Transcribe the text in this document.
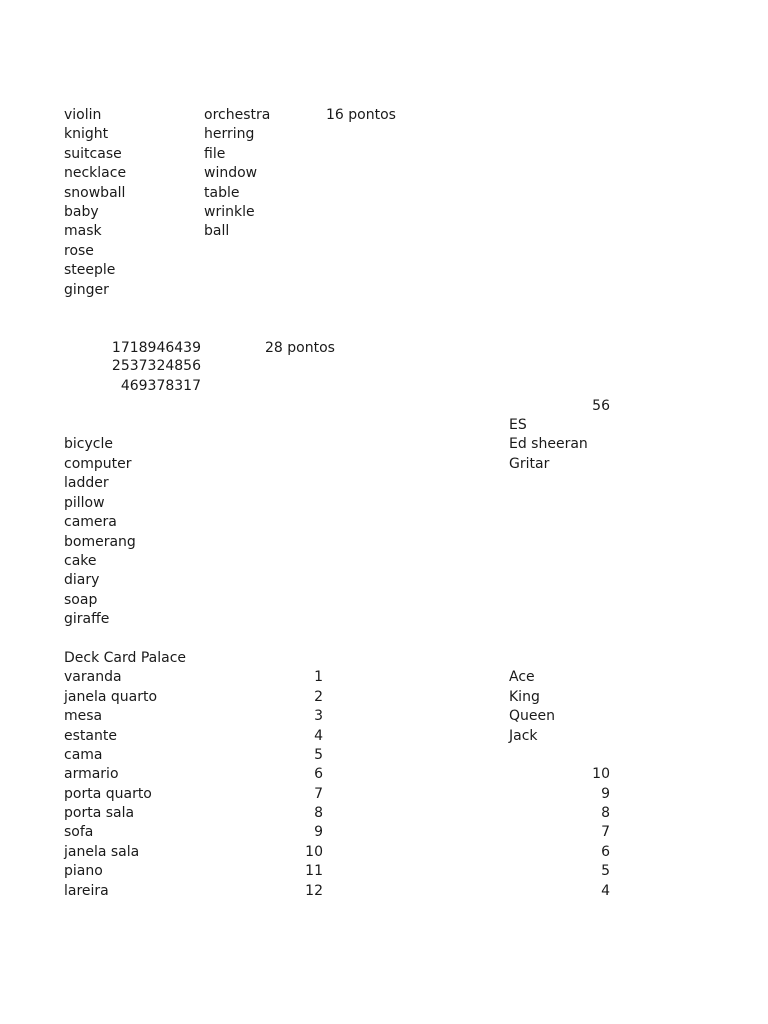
violin
knight
suitcase
necklace
snowball
baby
mask
rose
steeple
ginger
orchestra
herring
file
window
table
wrinkle
ball
16 pontos
1718946439
2537324856
469378317
28 pontos
56
ES
Ed sheeran
Gritar
bicycle
computer
ladder
pillow
camera
bomerang
cake
diary
soap
giraffe
Deck Card Palace
varanda
janela quarto
mesa
estante
cama
armario
porta quarto
porta sala
sofa
janela sala
piano
lareira
1
2
3
4
5
6
7
8
9
10
11
12
Ace
King
Queen
Jack
10
9
8
7
6
5
4
